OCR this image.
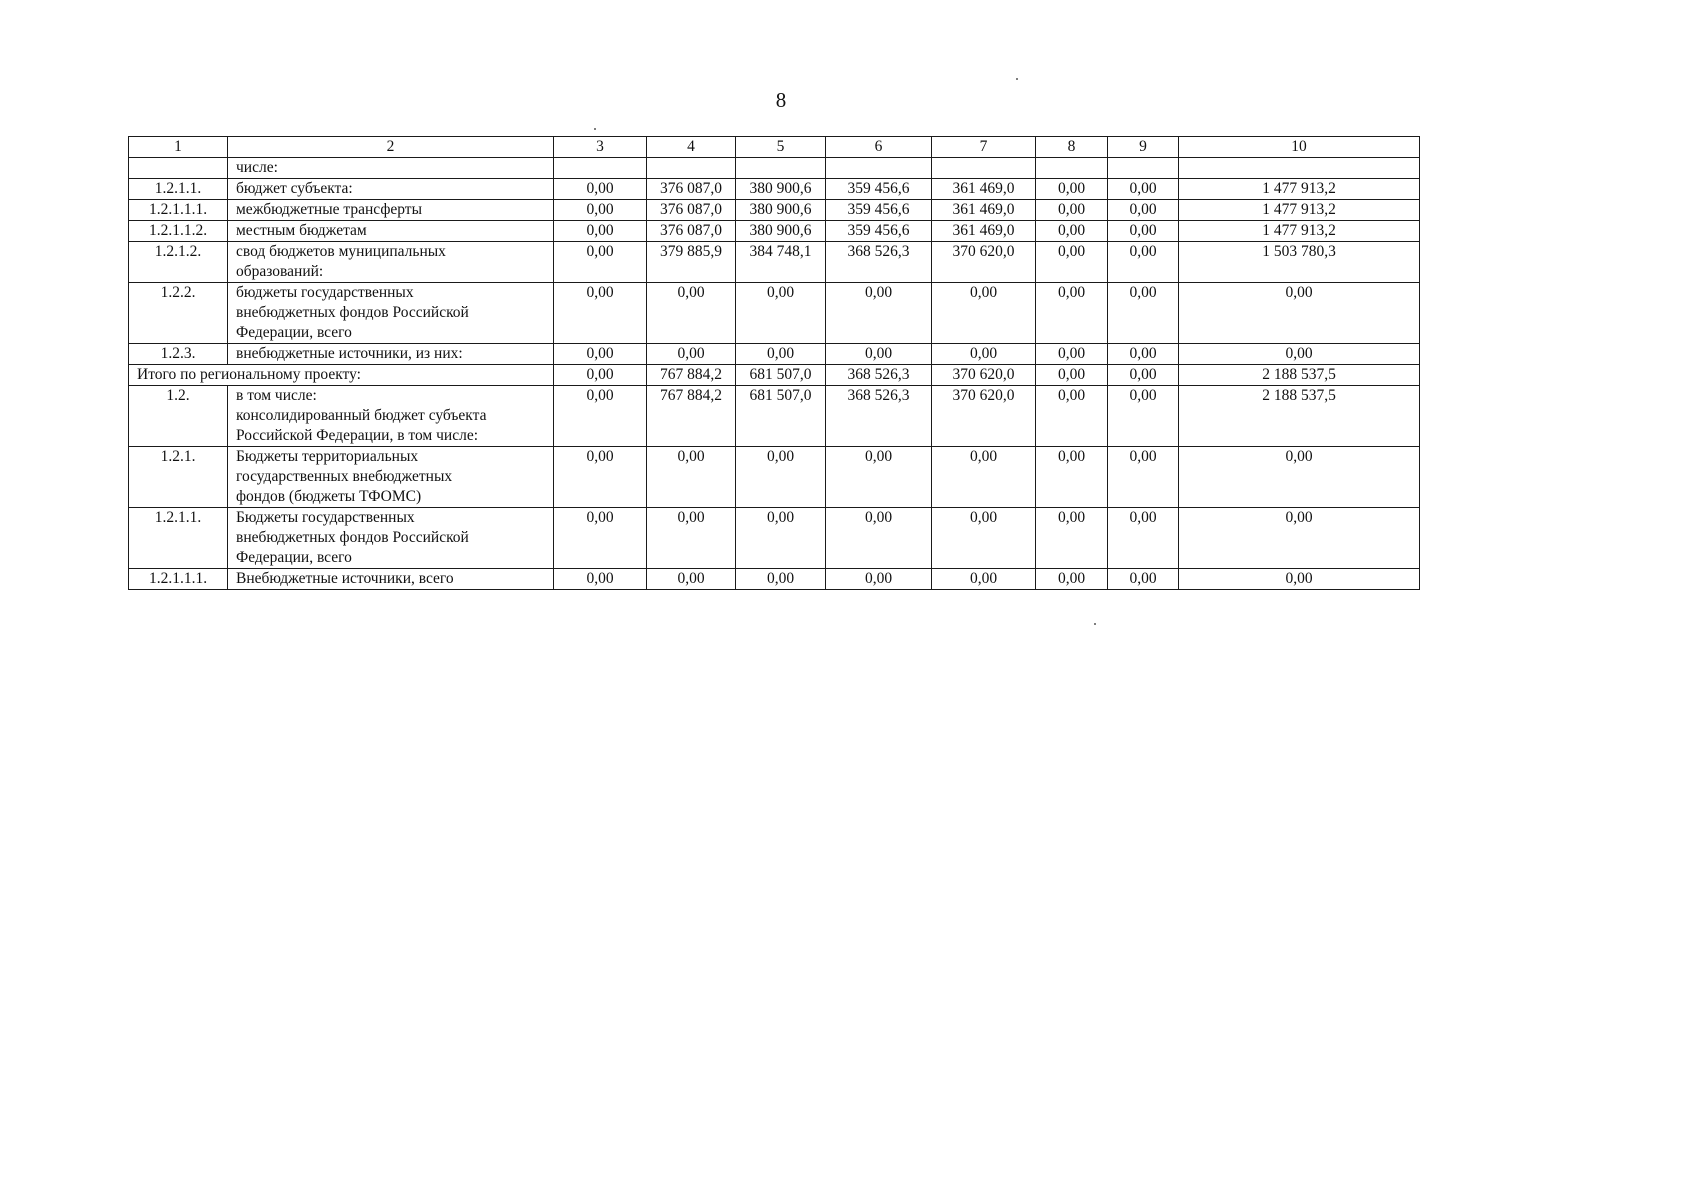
8
1	2	3	4	5	6	7	8	9	10

	числе:								

1.2.1.1.	бюджет субъекта:	0,00	376 087,0	380 900,6	359 456,6	361 469,0	0,00	0,00	1 477 913,2
1.2.1.1.1.	межбюджетные трансферты	0,00	376 087,0	380 900,6	359 456,6	361 469,0	0,00	0,00	1 477 913,2
1.2.1.1.2.	местным бюджетам	0,00	376 087,0	380 900,6	359 456,6	361 469,0	0,00	0,00	1 477 913,2
1.2.1.2.	свод бюджетов муниципальных
образований:	0,00	379 885,9	384 748,1	368 526,3	370 620,0	0,00	0,00	1 503 780,3
1.2.2.	бюджеты государственных
внебюджетных фондов Российской
Федерации, всего	0,00	0,00	0,00	0,00	0,00	0,00	0,00	0,00
1.2.3.	внебюджетные источники, из них:	0,00	0,00	0,00	0,00	0,00	0,00	0,00	0,00
Итого по региональному проекту:		0,00	767 884,2	681 507,0	368 526,3	370 620,0	0,00	0,00	2 188 537,5
1.2.	в том числе:
консолидированный бюджет субъекта
Российской Федерации, в том числе:	0,00	767 884,2	681 507,0	368 526,3	370 620,0	0,00	0,00	2 188 537,5
1.2.1.	Бюджеты территориальных
государственных внебюджетных
фондов (бюджеты ТФОМС)	0,00	0,00	0,00	0,00	0,00	0,00	0,00	0,00
1.2.1.1.	Бюджеты государственных
внебюджетных фондов Российской
Федерации, всего	0,00	0,00	0,00	0,00	0,00	0,00	0,00	0,00
1.2.1.1.1.	Внебюджетные источники, всего	0,00	0,00	0,00	0,00	0,00	0,00	0,00	0,00
